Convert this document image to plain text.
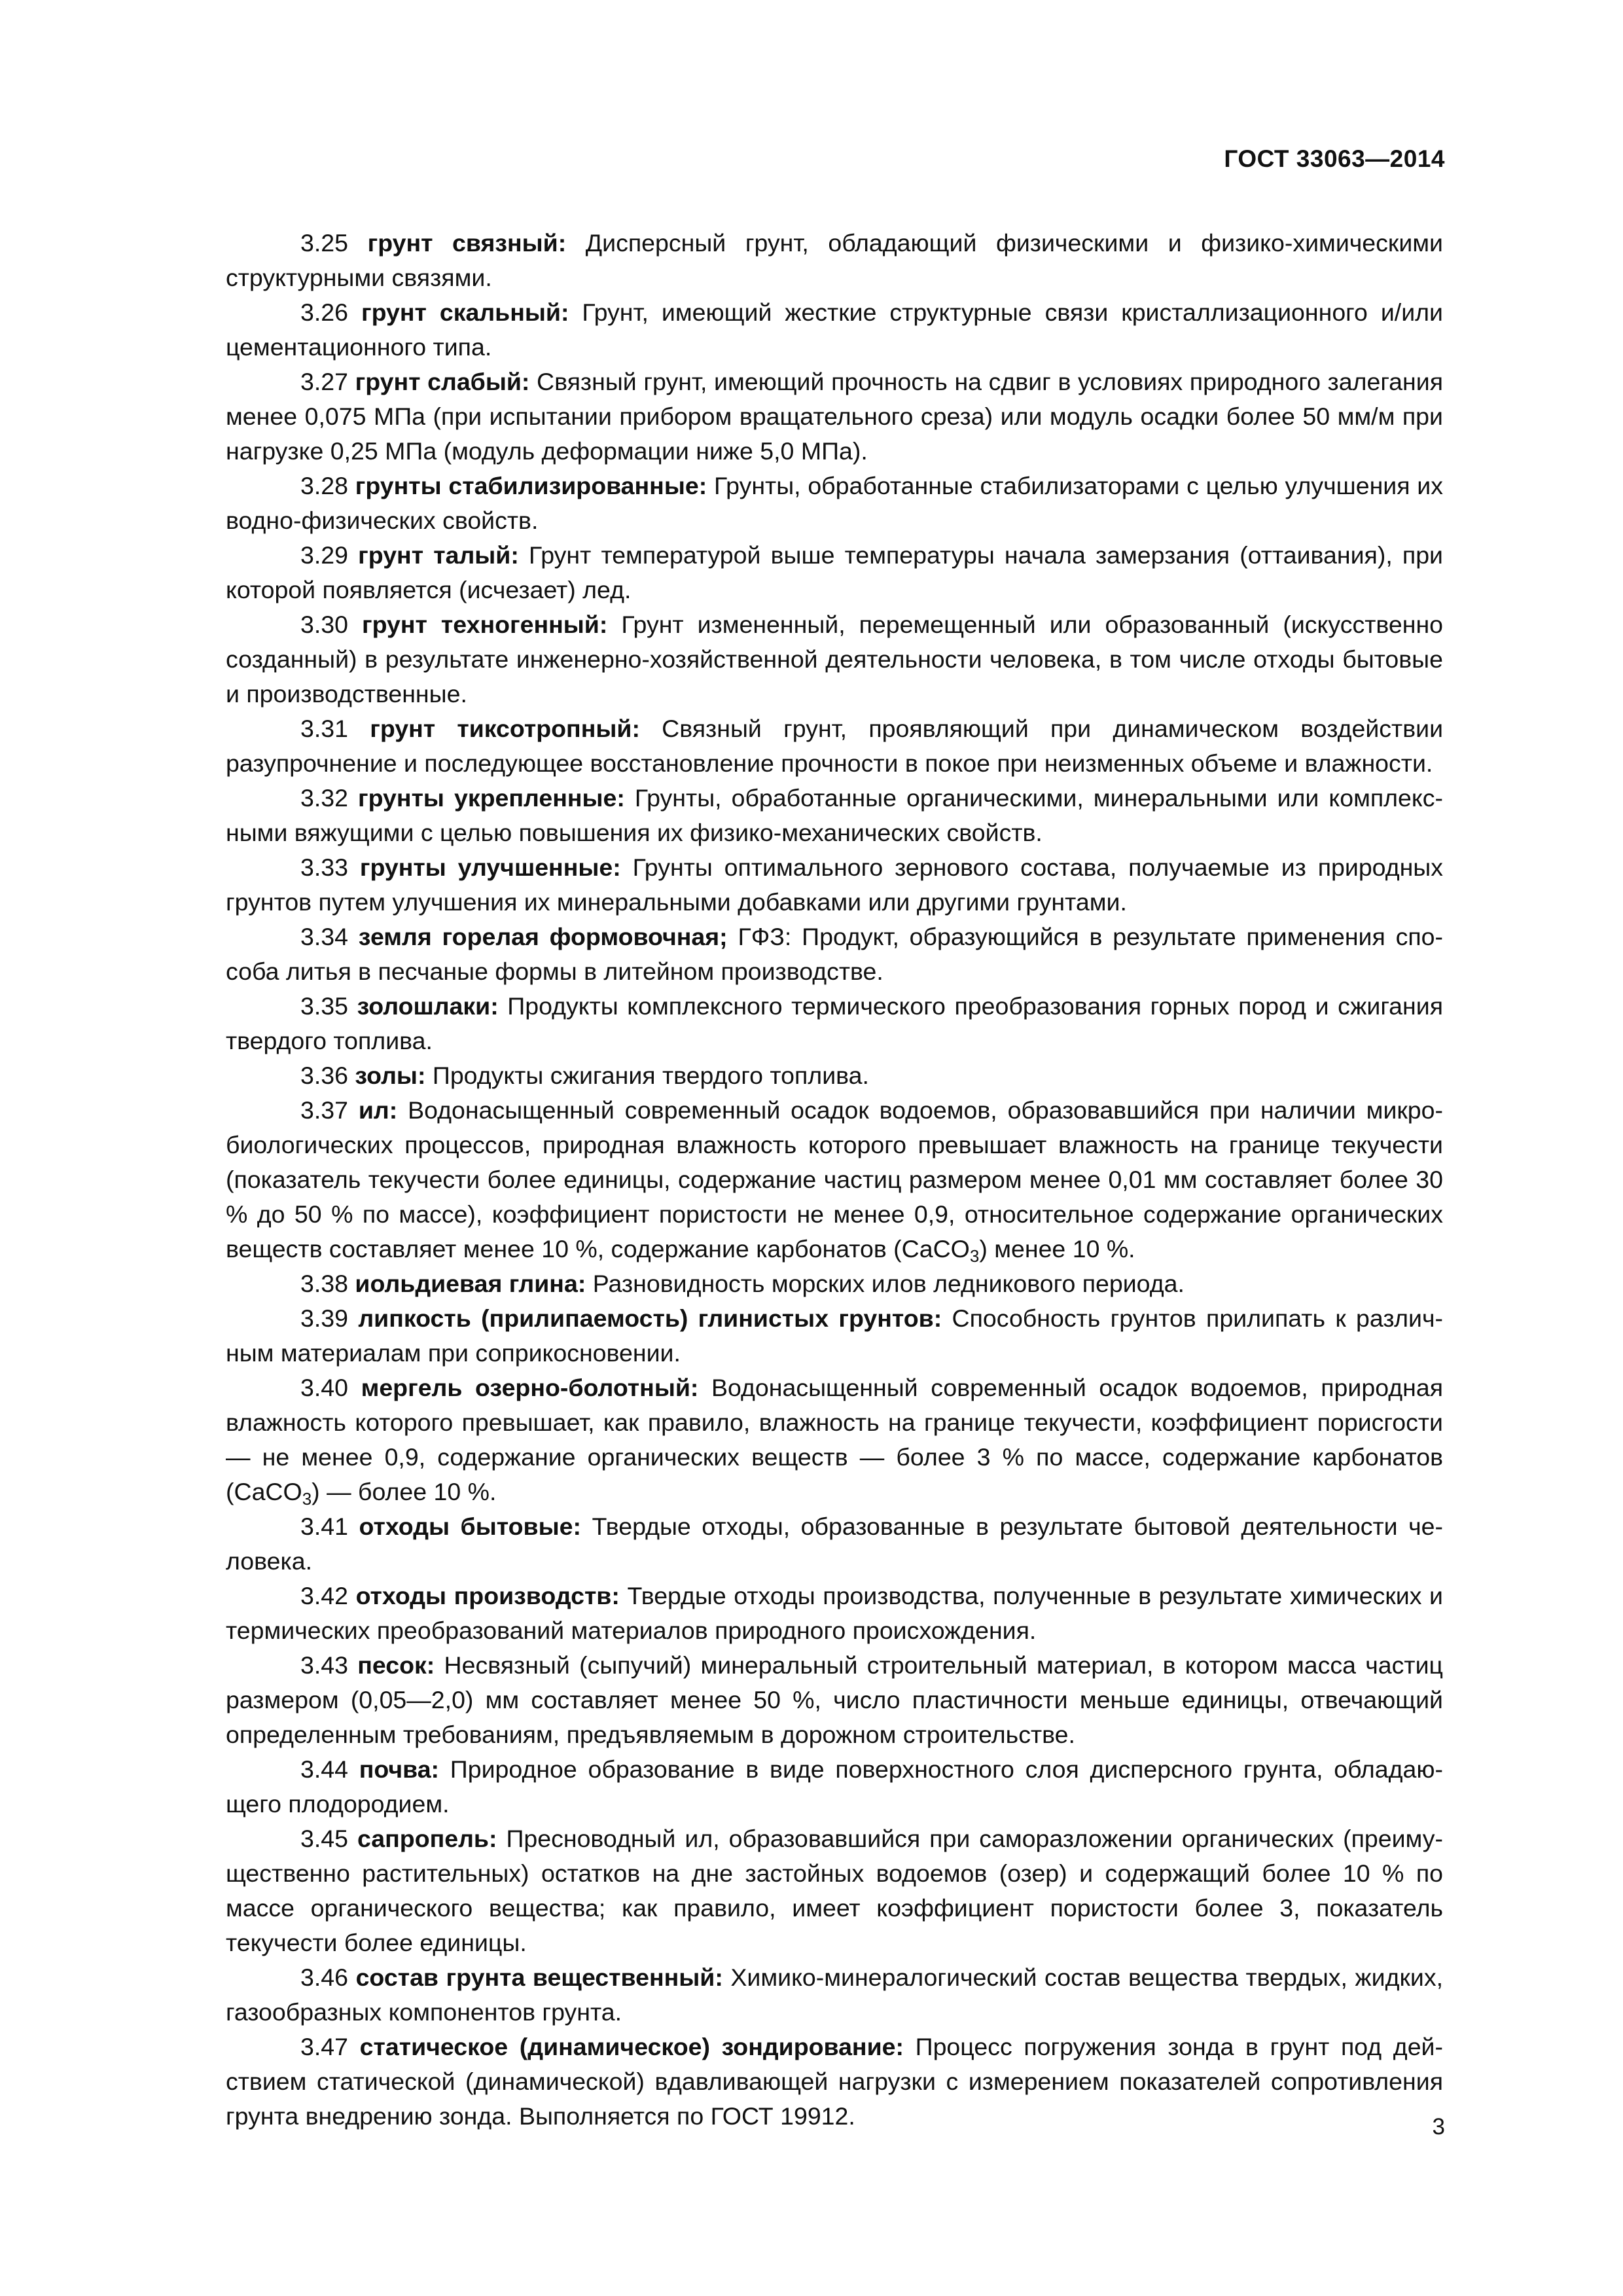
ГОСТ 33063—2014

3.25 грунт связный: Дисперсный грунт, обладающий физическими и физико-химическими структурными связями.

3.26 грунт скальный: Грунт, имеющий жесткие структурные связи кристаллизационного и/или цементационного типа.

3.27 грунт слабый: Связный грунт, имеющий прочность на сдвиг в условиях природного залегания менее 0,075 МПа (при испытании прибором вращательного среза) или модуль осадки более 50 мм/м при нагрузке 0,25 МПа (модуль деформации ниже 5,0 МПа).

3.28 грунты стабилизированные: Грунты, обработанные стабилизаторами с целью улучшения их водно-физических свойств.

3.29 грунт талый: Грунт температурой выше температуры начала замерзания (оттаивания), при которой появляется (исчезает) лед.

3.30 грунт техногенный: Грунт измененный, перемещенный или образованный (искусственно созданный) в результате инженерно-хозяйственной деятельности человека, в том числе отходы бытовые и производственные.

3.31 грунт тиксотропный: Связный грунт, проявляющий при динамическом воздействии разупрочнение и последующее восстановление прочности в покое при неизменных объеме и влажности.

3.32 грунты укрепленные: Грунты, обработанные органическими, минеральными или комплексными вяжущими с целью повышения их физико-механических свойств.

3.33 грунты улучшенные: Грунты оптимального зернового состава, получаемые из природных грунтов путем улучшения их минеральными добавками или другими грунтами.

3.34 земля горелая формовочная; ГФЗ: Продукт, образующийся в результате применения способа литья в песчаные формы в литейном производстве.

3.35 золошлаки: Продукты комплексного термического преобразования горных пород и сжигания твердого топлива.

3.36 золы: Продукты сжигания твердого топлива.

3.37 ил: Водонасыщенный современный осадок водоемов, образовавшийся при наличии микробиологических процессов, природная влажность которого превышает влажность на границе текучести (показатель текучести более единицы, содержание частиц размером менее 0,01 мм составляет более 30 % до 50 % по массе), коэффициент пористости не менее 0,9, относительное содержание органических веществ составляет менее 10 %, содержание карбонатов (CaCO$_3$) менее 10 %.

3.38 иольдиевая глина: Разновидность морских илов ледникового периода.

3.39 липкость (прилипаемость) глинистых грунтов: Способность грунтов прилипать к различным материалам при соприкосновении.

3.40 мергель озерно-болотный: Водонасыщенный современный осадок водоемов, природная влажность которого превышает, как правило, влажность на границе текучести, коэффициент порисгости — не менее 0,9, содержание органических веществ — более 3 % по массе, содержание карбонатов (CaCO$_3$) — более 10 %.

3.41 отходы бытовые: Твердые отходы, образованные в результате бытовой деятельности человека.

3.42 отходы производств: Твердые отходы производства, полученные в результате химических и термических преобразований материалов природного происхождения.

3.43 песок: Несвязный (сыпучий) минеральный строительный материал, в котором масса частиц размером (0,05—2,0) мм составляет менее 50 %, число пластичности меньше единицы, отвечающий определенным требованиям, предъявляемым в дорожном строительстве.

3.44 почва: Природное образование в виде поверхностного слоя дисперсного грунта, обладающего плодородием.

3.45 сапропель: Пресноводный ил, образовавшийся при саморазложении органических (преимущественно растительных) остатков на дне застойных водоемов (озер) и содержащий более 10 % по массе органического вещества; как правило, имеет коэффициент пористости более 3, показатель текучести более единицы.

3.46 состав грунта вещественный: Химико-минералогический состав вещества твердых, жидких, газообразных компонентов грунта.

3.47 статическое (динамическое) зондирование: Процесс погружения зонда в грунт под действием статической (динамической) вдавливающей нагрузки с измерением показателей сопротивления грунта внедрению зонда. Выполняется по ГОСТ 19912.	3
